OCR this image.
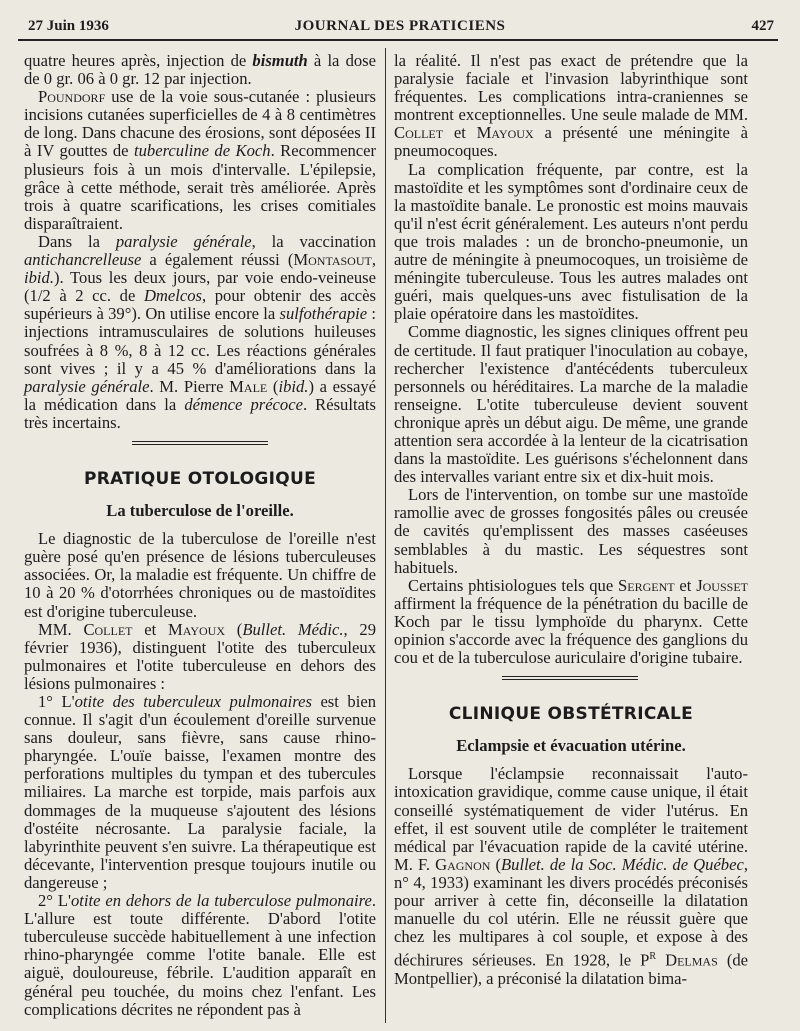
27 Juin 1936	JOURNAL DES PRATICIENS	427

quatre heures après, injection de bismuth à la dose de 0 gr. 06 à 0 gr. 12 par injection.

Poundorf use de la voie sous-cutanée : plusieurs incisions cutanées superficielles de 4 à 8 centimètres de long. Dans chacune des érosions, sont déposées II à IV gouttes de tuberculine de Koch. Recommencer plusieurs fois à un mois d'intervalle. L'épilepsie, grâce à cette méthode, serait très améliorée. Après trois à quatre scarifications, les crises comitiales disparaîtraient.

Dans la paralysie générale, la vaccination antichancrelleuse a également réussi (Montasout, ibid.). Tous les deux jours, par voie endo-veineuse (1/2 à 2 cc. de Dmelcos, pour obtenir des accès supérieurs à 39°). On utilise encore la sulfothérapie : injections intramusculaires de solutions huileuses soufrées à 8 %, 8 à 12 cc. Les réactions générales sont vives ; il y a 45 % d'améliorations dans la paralysie générale. M. Pierre Male (ibid.) a essayé la médication dans la démence précoce. Résultats très incertains.

PRATIQUE OTOLOGIQUE
La tuberculose de l'oreille.

Le diagnostic de la tuberculose de l'oreille n'est guère posé qu'en présence de lésions tuberculeuses associées. Or, la maladie est fréquente. Un chiffre de 10 à 20 % d'otorrhées chroniques ou de mastoïdites est d'origine tuberculeuse.

MM. Collet et Mayoux (Bullet. Médic., 29 février 1936), distinguent l'otite des tuberculeux pulmonaires et l'otite tuberculeuse en dehors des lésions pulmonaires :

1° L'otite des tuberculeux pulmonaires est bien connue. Il s'agit d'un écoulement d'oreille survenue sans douleur, sans fièvre, sans cause rhino-pharyngée. L'ouïe baisse, l'examen montre des perforations multiples du tympan et des tubercules miliaires. La marche est torpide, mais parfois aux dommages de la muqueuse s'ajoutent des lésions d'ostéite nécrosante. La paralysie faciale, la labyrinthite peuvent s'en suivre. La thérapeutique est décevante, l'intervention presque toujours inutile ou dangereuse ;

2° L'otite en dehors de la tuberculose pulmonaire. L'allure est toute différente. D'abord l'otite tuberculeuse succède habituellement à une infection rhino-pharyngée comme l'otite banale. Elle est aiguë, douloureuse, fébrile. L'audition apparaît en général peu touchée, du moins chez l'enfant. Les complications décrites ne répondent pas à

la réalité. Il n'est pas exact de prétendre que la paralysie faciale et l'invasion labyrinthique sont fréquentes. Les complications intra-craniennes se montrent exceptionnelles. Une seule malade de MM. Collet et Mayoux a présenté une méningite à pneumocoques.

La complication fréquente, par contre, est la mastoïdite et les symptômes sont d'ordinaire ceux de la mastoïdite banale. Le pronostic est moins mauvais qu'il n'est écrit généralement. Les auteurs n'ont perdu que trois malades : un de broncho-pneumonie, un autre de méningite à pneumocoques, un troisième de méningite tuberculeuse. Tous les autres malades ont guéri, mais quelques-uns avec fistulisation de la plaie opératoire dans les mastoïdites.

Comme diagnostic, les signes cliniques offrent peu de certitude. Il faut pratiquer l'inoculation au cobaye, rechercher l'existence d'antécédents tuberculeux personnels ou héréditaires. La marche de la maladie renseigne. L'otite tuberculeuse devient souvent chronique après un début aigu. De même, une grande attention sera accordée à la lenteur de la cicatrisation dans la mastoïdite. Les guérisons s'échelonnent dans des intervalles variant entre six et dix-huit mois.

Lors de l'intervention, on tombe sur une mastoïde ramollie avec de grosses fongosités pâles ou creusée de cavités qu'emplissent des masses caséeuses semblables à du mastic. Les séquestres sont habituels.

Certains phtisiologues tels que Sergent et Jousset affirment la fréquence de la pénétration du bacille de Koch par le tissu lymphoïde du pharynx. Cette opinion s'accorde avec la fréquence des ganglions du cou et de la tuberculose auriculaire d'origine tubaire.

CLINIQUE OBSTÉTRICALE
Eclampsie et évacuation utérine.

Lorsque l'éclampsie reconnaissait l'auto-intoxication gravidique, comme cause unique, il était conseillé systématiquement de vider l'utérus. En effet, il est souvent utile de compléter le traitement médical par l'évacuation rapide de la cavité utérine. M. F. Gagnon (Bullet. de la Soc. Médic. de Québec, n° 4, 1933) examinant les divers procédés préconisés pour arriver à cette fin, déconseille la dilatation manuelle du col utérin. Elle ne réussit guère que chez les multipares à col souple, et expose à des déchirures sérieuses. En 1928, le $P^r$ Delmas (de Montpellier), a préconisé la dilatation bima-
